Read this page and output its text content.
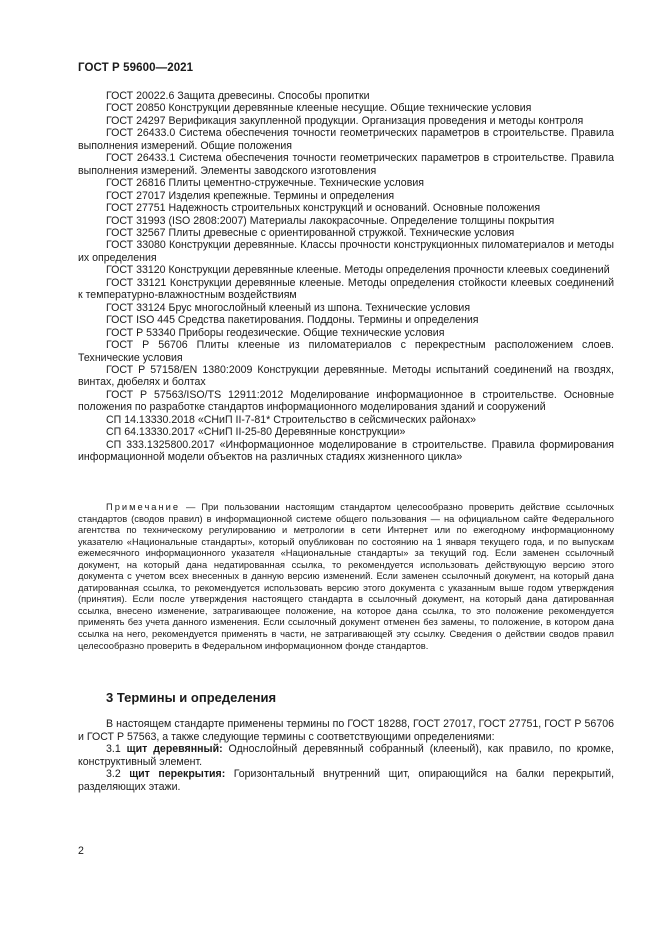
ГОСТ Р 59600—2021

ГОСТ 20022.6 Защита древесины. Способы пропитки

ГОСТ 20850 Конструкции деревянные клееные несущие. Общие технические условия

ГОСТ 24297 Верификация закупленной продукции. Организация проведения и методы контроля

ГОСТ 26433.0 Система обеспечения точности геометрических параметров в строительстве. Правила выполнения измерений. Общие положения

ГОСТ 26433.1 Система обеспечения точности геометрических параметров в строительстве. Правила выполнения измерений. Элементы заводского изготовления

ГОСТ 26816 Плиты цементно-стружечные. Технические условия

ГОСТ 27017 Изделия крепежные. Термины и определения

ГОСТ 27751 Надежность строительных конструкций и оснований. Основные положения

ГОСТ 31993 (ISO 2808:2007) Материалы лакокрасочные. Определение толщины покрытия

ГОСТ 32567 Плиты древесные с ориентированной стружкой. Технические условия

ГОСТ 33080 Конструкции деревянные. Классы прочности конструкционных пиломатериалов и методы их определения

ГОСТ 33120 Конструкции деревянные клееные. Методы определения прочности клеевых соединений

ГОСТ 33121 Конструкции деревянные клееные. Методы определения стойкости клеевых соединений к температурно-влажностным воздействиям

ГОСТ 33124 Брус многослойный клееный из шпона. Технические условия

ГОСТ ISO 445 Средства пакетирования. Поддоны. Термины и определения

ГОСТ Р 53340 Приборы геодезические. Общие технические условия

ГОСТ Р 56706 Плиты клееные из пиломатериалов с перекрестным расположением слоев. Технические условия

ГОСТ Р 57158/EN 1380:2009 Конструкции деревянные. Методы испытаний соединений на гвоздях, винтах, дюбелях и болтах

ГОСТ Р 57563/ISO/TS 12911:2012 Моделирование информационное в строительстве. Основные положения по разработке стандартов информационного моделирования зданий и сооружений

СП 14.13330.2018 «СНиП II-7-81* Строительство в сейсмических районах»

СП 64.13330.2017 «СНиП II-25-80 Деревянные конструкции»

СП 333.1325800.2017 «Информационное моделирование в строительстве. Правила формирования информационной модели объектов на различных стадиях жизненного цикла»

Примечание — При пользовании настоящим стандартом целесообразно проверить действие ссылочных стандартов (сводов правил) в информационной системе общего пользования — на официальном сайте Федерального агентства по техническому регулированию и метрологии в сети Интернет или по ежегодному информационному указателю «Национальные стандарты», который опубликован по состоянию на 1 января текущего года, и по выпускам ежемесячного информационного указателя «Национальные стандарты» за текущий год. Если заменен ссылочный документ, на который дана недатированная ссылка, то рекомендуется использовать действующую версию этого документа с учетом всех внесенных в данную версию изменений. Если заменен ссылочный документ, на который дана датированная ссылка, то рекомендуется использовать версию этого документа с указанным выше годом утверждения (принятия). Если после утверждения настоящего стандарта в ссылочный документ, на который дана датированная ссылка, внесено изменение, затрагивающее положение, на которое дана ссылка, то это положение рекомендуется применять без учета данного изменения. Если ссылочный документ отменен без замены, то положение, в котором дана ссылка на него, рекомендуется применять в части, не затрагивающей эту ссылку. Сведения о действии сводов правил целесообразно проверить в Федеральном информационном фонде стандартов.

3 Термины и определения

В настоящем стандарте применены термины по ГОСТ 18288, ГОСТ 27017, ГОСТ 27751, ГОСТ Р 56706 и ГОСТ Р 57563, а также следующие термины с соответствующими определениями:

3.1 щит деревянный: Однослойный деревянный собранный (клееный), как правило, по кромке, конструктивный элемент.

3.2 щит перекрытия: Горизонтальный внутренний щит, опирающийся на балки перекрытий, разделяющих этажи.

2
